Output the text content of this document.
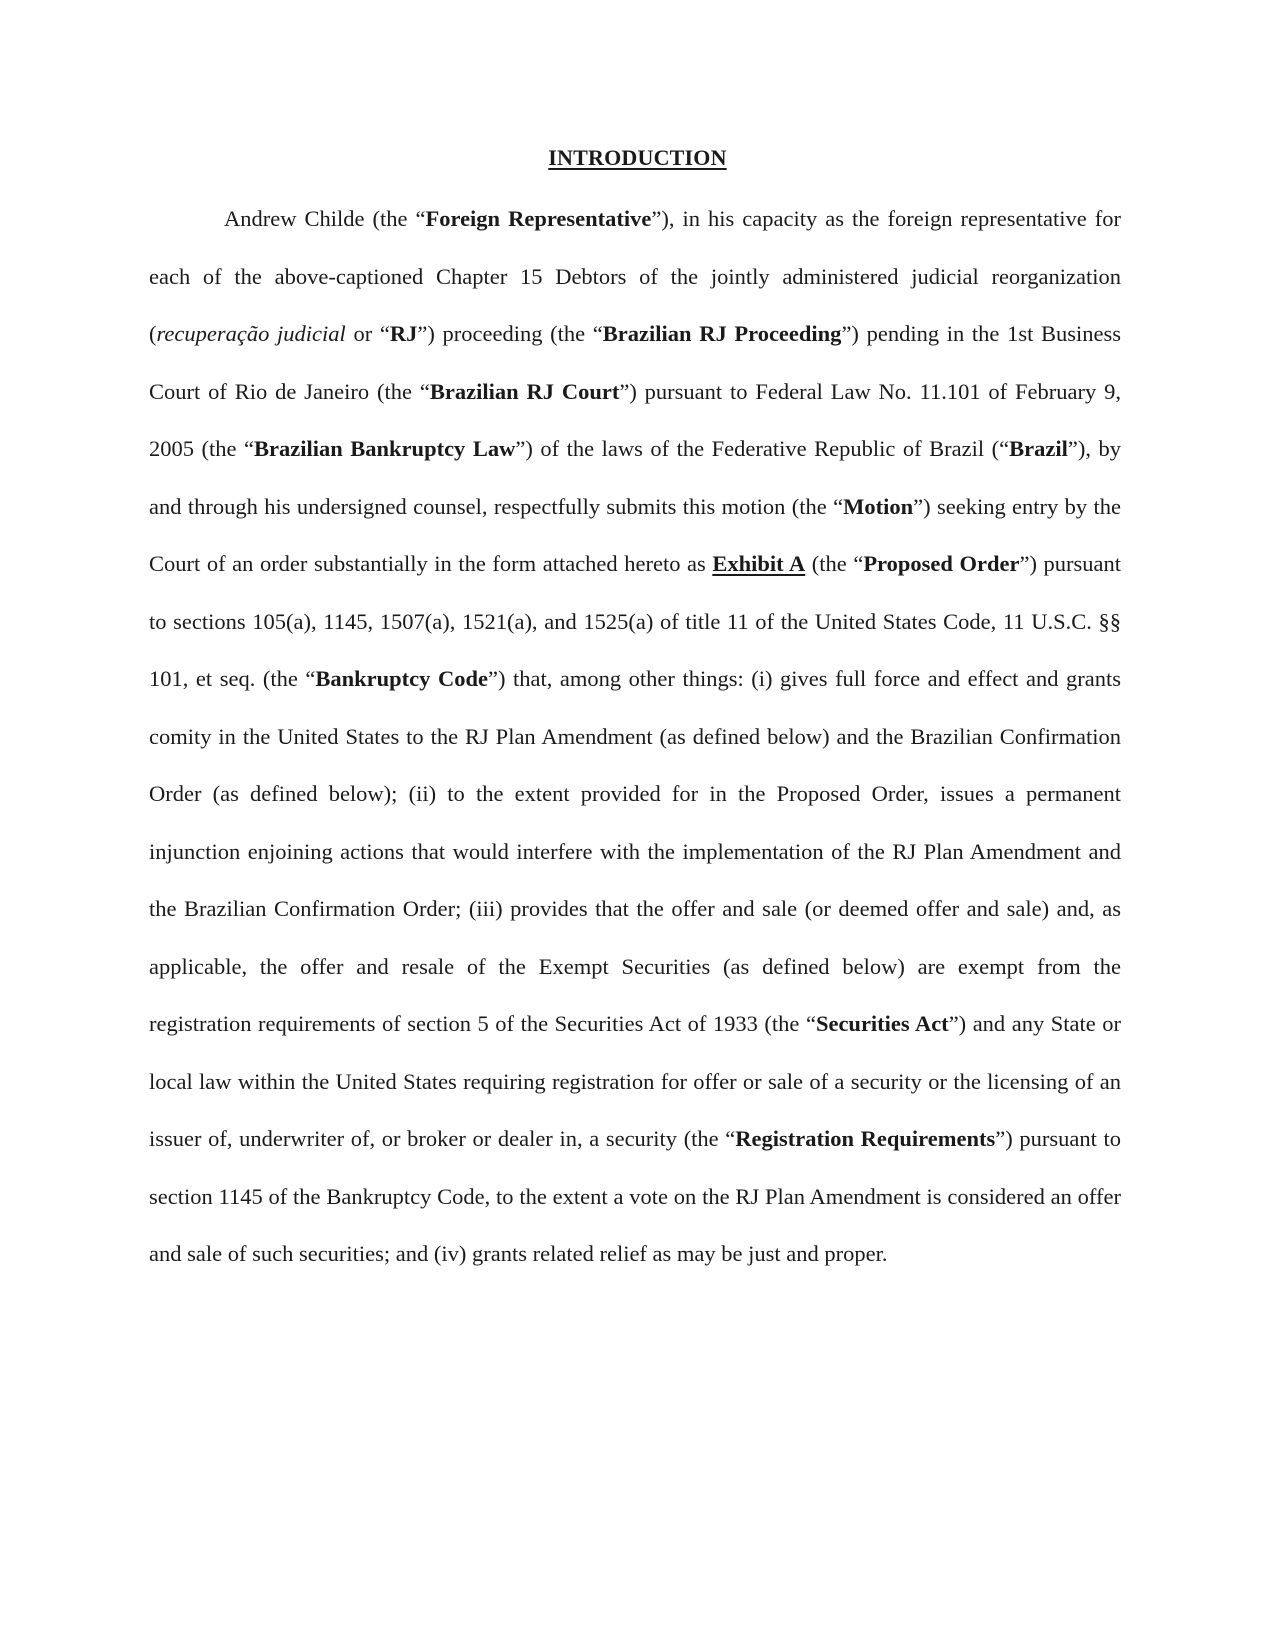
INTRODUCTION

Andrew Childe (the “Foreign Representative”), in his capacity as the foreign representative for each of the above-captioned Chapter 15 Debtors of the jointly administered judicial reorganization (recuperação judicial or “RJ”) proceeding (the “Brazilian RJ Proceeding”) pending in the 1st Business Court of Rio de Janeiro (the “Brazilian RJ Court”) pursuant to Federal Law No. 11.101 of February 9, 2005 (the “Brazilian Bankruptcy Law”) of the laws of the Federative Republic of Brazil (“Brazil”), by and through his undersigned counsel, respectfully submits this motion (the “Motion”) seeking entry by the Court of an order substantially in the form attached hereto as Exhibit A (the “Proposed Order”) pursuant to sections 105(a), 1145, 1507(a), 1521(a), and 1525(a) of title 11 of the United States Code, 11 U.S.C. §§ 101, et seq. (the “Bankruptcy Code”) that, among other things: (i) gives full force and effect and grants comity in the United States to the RJ Plan Amendment (as defined below) and the Brazilian Confirmation Order (as defined below); (ii) to the extent provided for in the Proposed Order, issues a permanent injunction enjoining actions that would interfere with the implementation of the RJ Plan Amendment and the Brazilian Confirmation Order; (iii) provides that the offer and sale (or deemed offer and sale) and, as applicable, the offer and resale of the Exempt Securities (as defined below) are exempt from the registration requirements of section 5 of the Securities Act of 1933 (the “Securities Act”) and any State or local law within the United States requiring registration for offer or sale of a security or the licensing of an issuer of, underwriter of, or broker or dealer in, a security (the “Registration Requirements”) pursuant to section 1145 of the Bankruptcy Code, to the extent a vote on the RJ Plan Amendment is considered an offer and sale of such securities; and (iv) grants related relief as may be just and proper.
